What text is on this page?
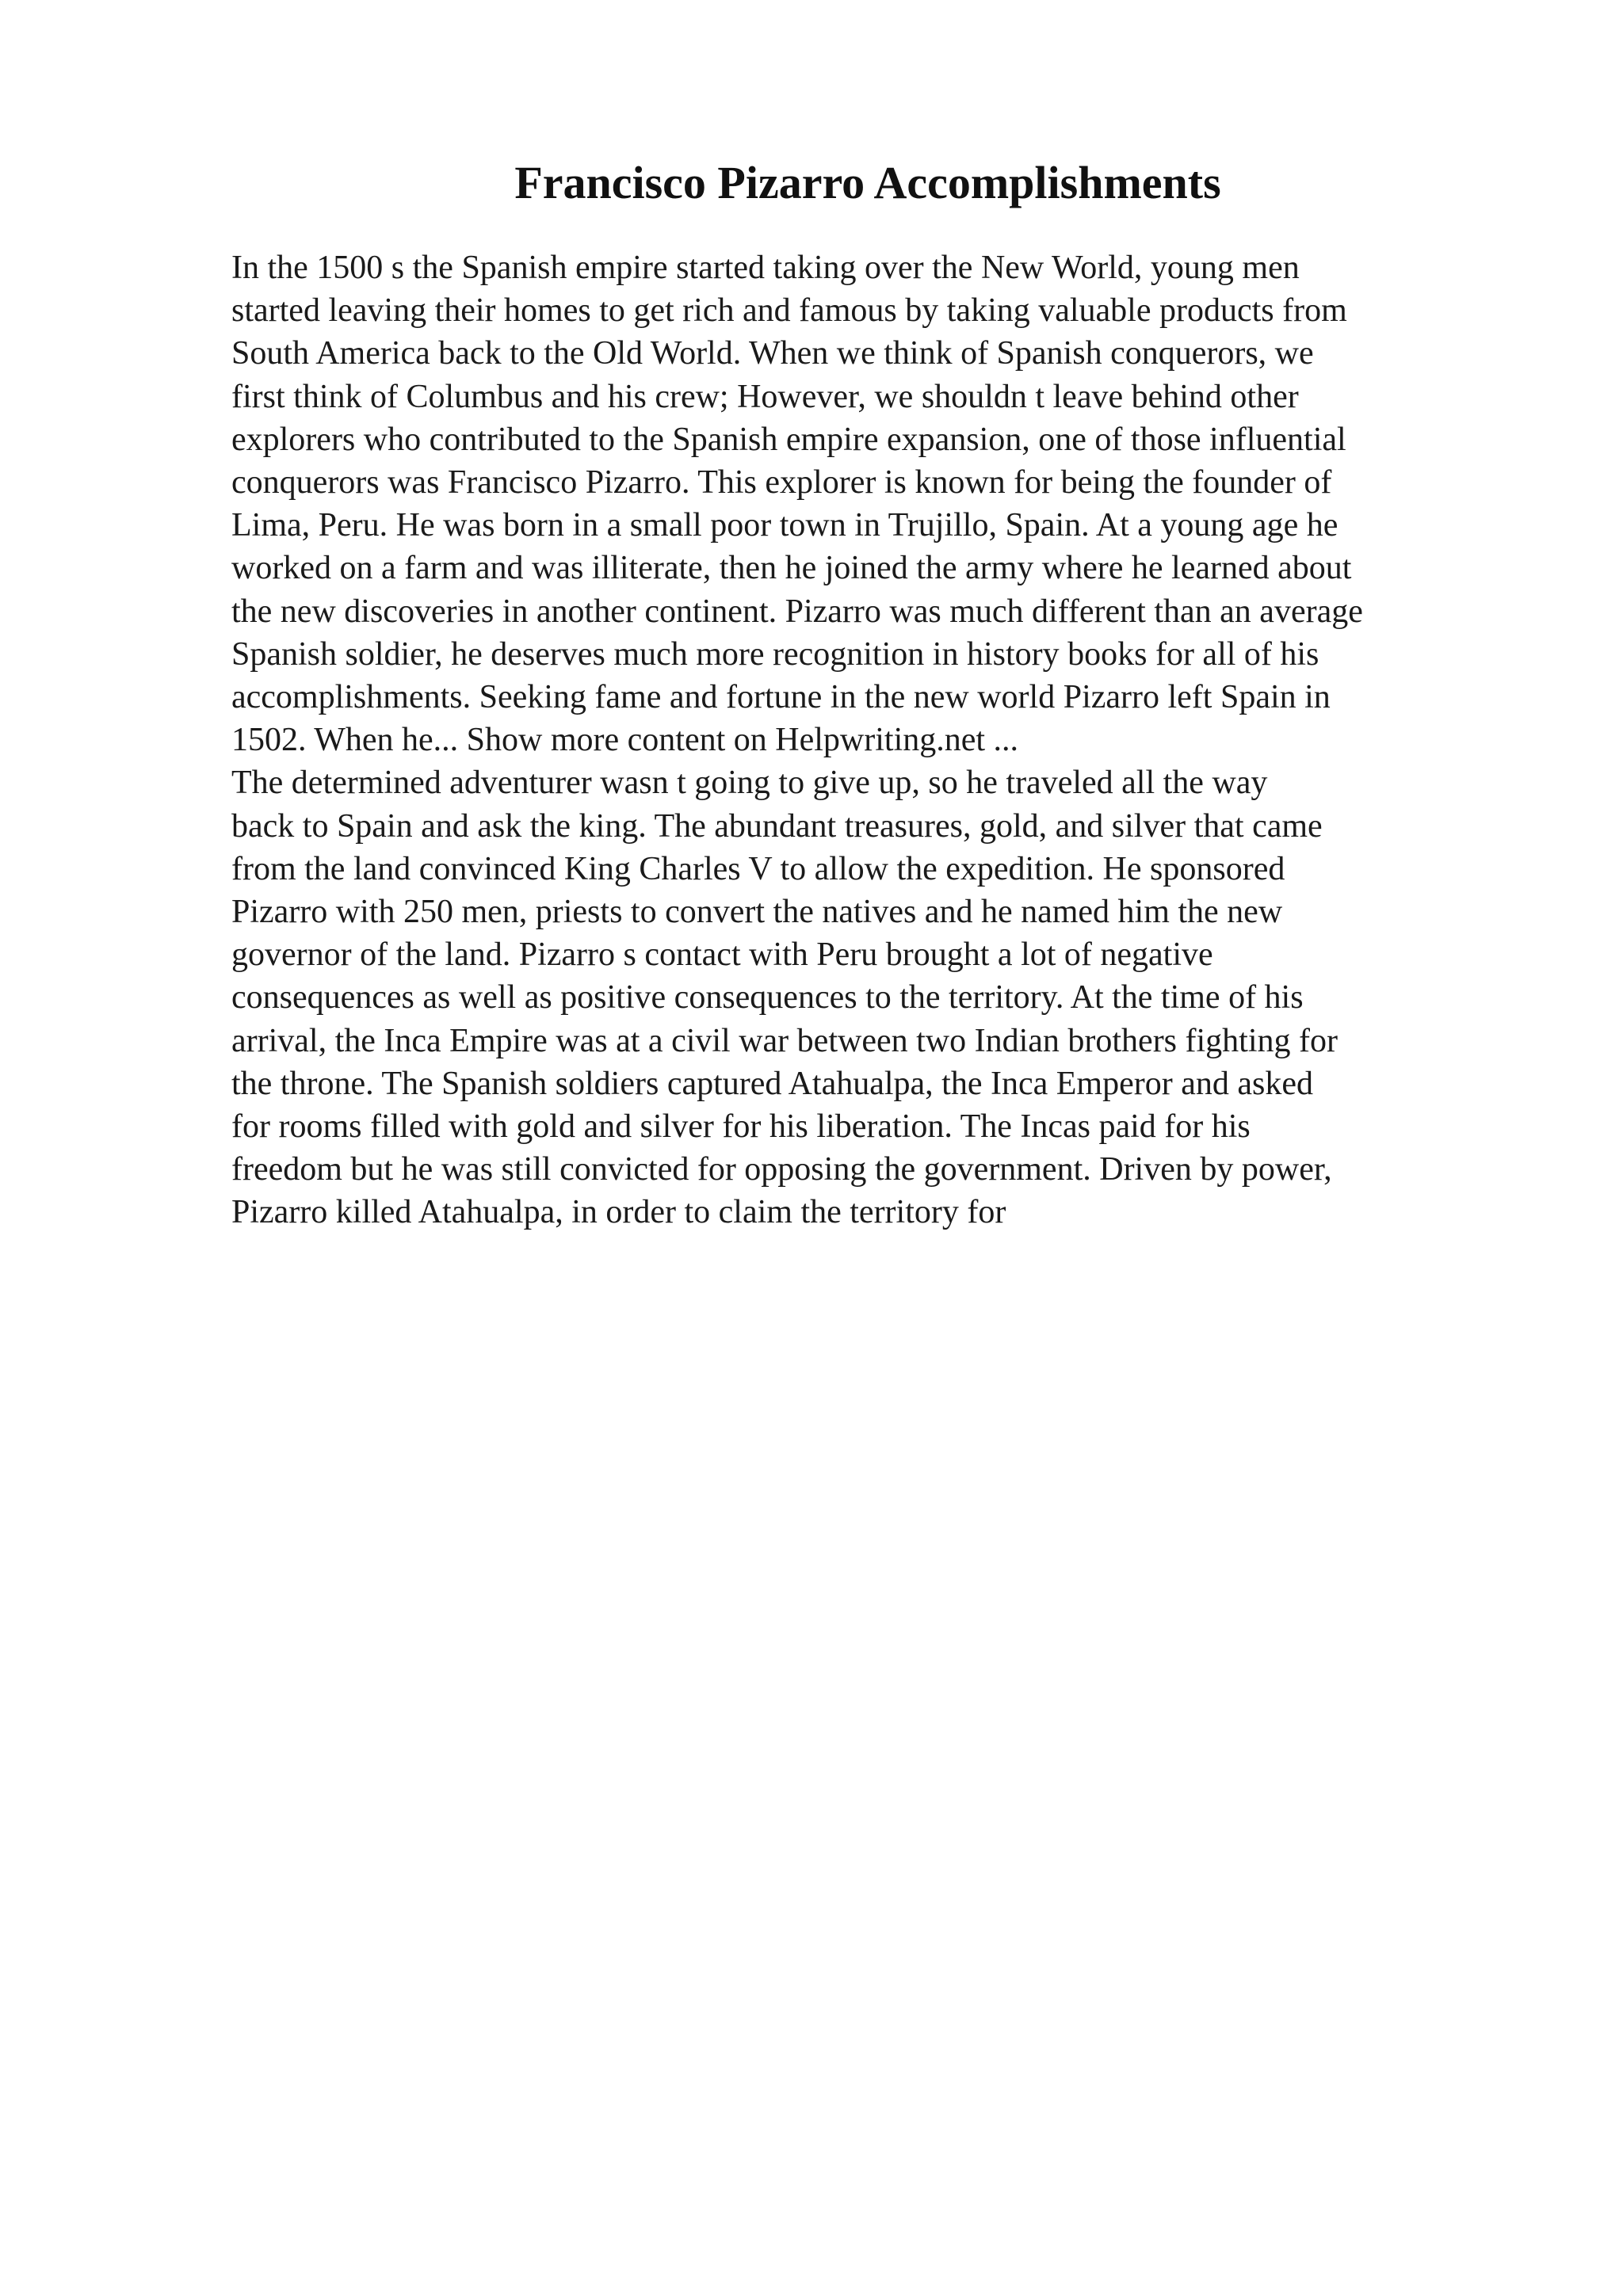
Francisco Pizarro Accomplishments
In the 1500 s the Spanish empire started taking over the New World, young men
started leaving their homes to get rich and famous by taking valuable products from
South America back to the Old World. When we think of Spanish conquerors, we
first think of Columbus and his crew; However, we shouldn t leave behind other
explorers who contributed to the Spanish empire expansion, one of those influential
conquerors was Francisco Pizarro. This explorer is known for being the founder of
Lima, Peru. He was born in a small poor town in Trujillo, Spain. At a young age he
worked on a farm and was illiterate, then he joined the army where he learned about
the new discoveries in another continent. Pizarro was much different than an average
Spanish soldier, he deserves much more recognition in history books for all of his
accomplishments. Seeking fame and fortune in the new world Pizarro left Spain in
1502. When he... Show more content on Helpwriting.net ...
The determined adventurer wasn t going to give up, so he traveled all the way
back to Spain and ask the king. The abundant treasures, gold, and silver that came
from the land convinced King Charles V to allow the expedition. He sponsored
Pizarro with 250 men, priests to convert the natives and he named him the new
governor of the land. Pizarro s contact with Peru brought a lot of negative
consequences as well as positive consequences to the territory. At the time of his
arrival, the Inca Empire was at a civil war between two Indian brothers fighting for
the throne. The Spanish soldiers captured Atahualpa, the Inca Emperor and asked
for rooms filled with gold and silver for his liberation. The Incas paid for his
freedom but he was still convicted for opposing the government. Driven by power,
Pizarro killed Atahualpa, in order to claim the territory for
